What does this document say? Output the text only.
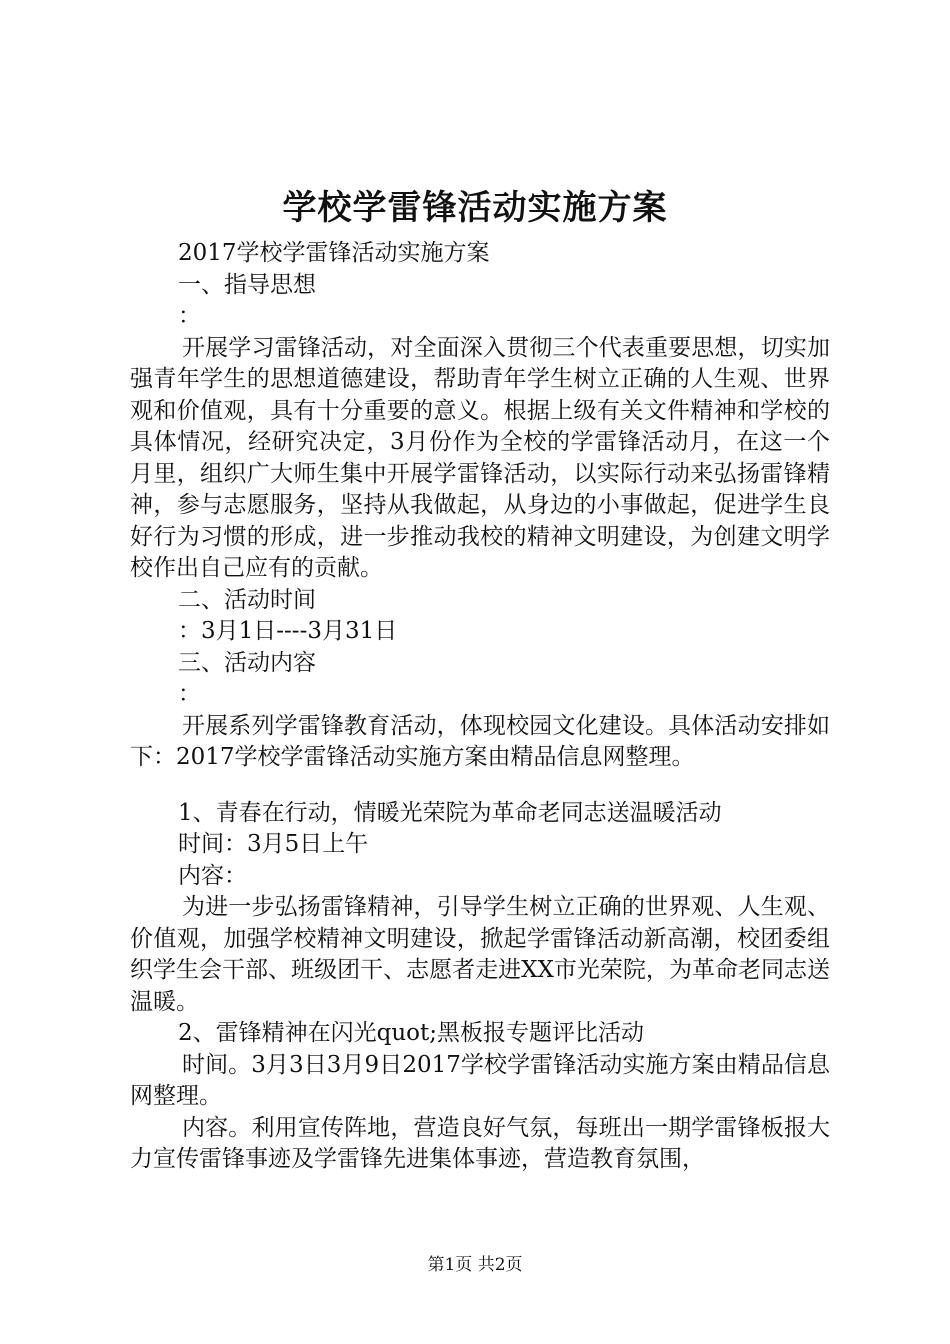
学校学雷锋活动实施方案
2017学校学雷锋活动实施方案
一、指导思想
：
开展学习雷锋活动，对全面深入贯彻三个代表重要思想，切实加强青年学生的思想道德建设，帮助青年学生树立正确的人生观、世界观和价值观，具有十分重要的意义。根据上级有关文件精神和学校的具体情况，经研究决定，3月份作为全校的学雷锋活动月，在这一个月里，组织广大师生集中开展学雷锋活动，以实际行动来弘扬雷锋精神，参与志愿服务，坚持从我做起，从身边的小事做起，促进学生良好行为习惯的形成，进一步推动我校的精神文明建设，为创建文明学校作出自己应有的贡献。
二、活动时间
：3月1日----3月31日
三、活动内容
：
开展系列学雷锋教育活动，体现校园文化建设。具体活动安排如下：2017学校学雷锋活动实施方案由精品信息网整理。
1、青春在行动，情暖光荣院为革命老同志送温暖活动
时间：3月5日上午
内容：
为进一步弘扬雷锋精神，引导学生树立正确的世界观、人生观、价值观，加强学校精神文明建设，掀起学雷锋活动新高潮，校团委组织学生会干部、班级团干、志愿者走进XX市光荣院，为革命老同志送温暖。
2、雷锋精神在闪光quot;黑板报专题评比活动
时间。3月3日3月9日2017学校学雷锋活动实施方案由精品信息网整理。
内容。利用宣传阵地，营造良好气氛，每班出一期学雷锋板报大力宣传雷锋事迹及学雷锋先进集体事迹，营造教育氛围，
第1页 共2页
